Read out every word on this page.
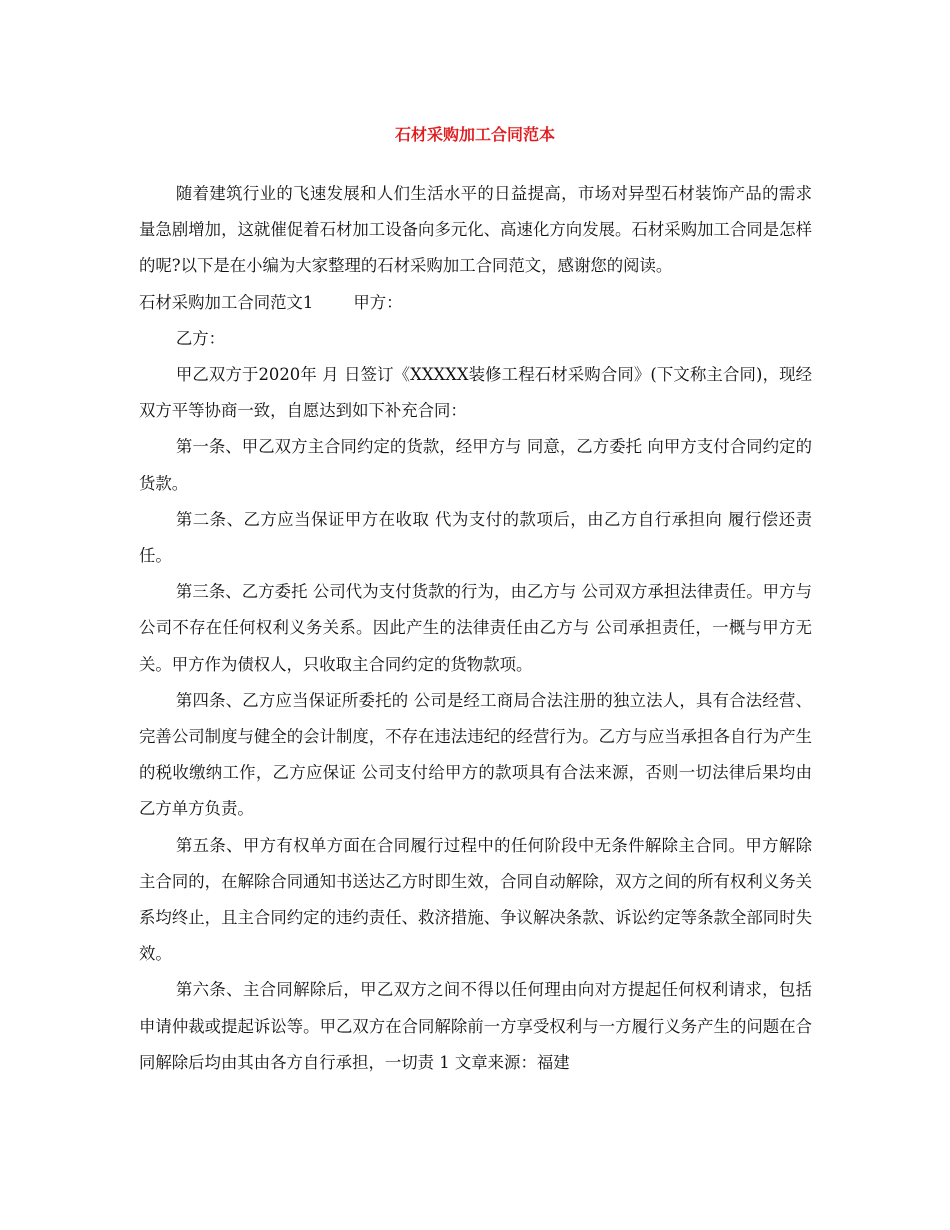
石材采购加工合同范本

随着建筑行业的飞速发展和人们生活水平的日益提高，市场对异型石材装饰产品的需求量急剧增加，这就催促着石材加工设备向多元化、高速化方向发展。石材采购加工合同是怎样的呢?以下是在小编为大家整理的石材采购加工合同范文，感谢您的阅读。

石材采购加工合同范文1 甲方：

乙方：

甲乙双方于2020年 月 日签订《XXXXX装修工程石材采购合同》(下文称主合同)，现经双方平等协商一致，自愿达到如下补充合同：

第一条、甲乙双方主合同约定的货款，经甲方与 同意，乙方委托 向甲方支付合同约定的货款。

第二条、乙方应当保证甲方在收取 代为支付的款项后，由乙方自行承担向 履行偿还责任。

第三条、乙方委托 公司代为支付货款的行为，由乙方与 公司双方承担法律责任。甲方与 公司不存在任何权利义务关系。因此产生的法律责任由乙方与 公司承担责任，一概与甲方无关。甲方作为债权人，只收取主合同约定的货物款项。

第四条、乙方应当保证所委托的 公司是经工商局合法注册的独立法人，具有合法经营、完善公司制度与健全的会计制度，不存在违法违纪的经营行为。乙方与应当承担各自行为产生的税收缴纳工作，乙方应保证 公司支付给甲方的款项具有合法来源，否则一切法律后果均由乙方单方负责。

第五条、甲方有权单方面在合同履行过程中的任何阶段中无条件解除主合同。甲方解除主合同的，在解除合同通知书送达乙方时即生效，合同自动解除，双方之间的所有权利义务关系均终止，且主合同约定的违约责任、救济措施、争议解决条款、诉讼约定等条款全部同时失效。

第六条、主合同解除后，甲乙双方之间不得以任何理由向对方提起任何权利请求，包括申请仲裁或提起诉讼等。甲乙双方在合同解除前一方享受权利与一方履行义务产生的问题在合同解除后均由其由各方自行承担，一切责 1 文章来源：福建
